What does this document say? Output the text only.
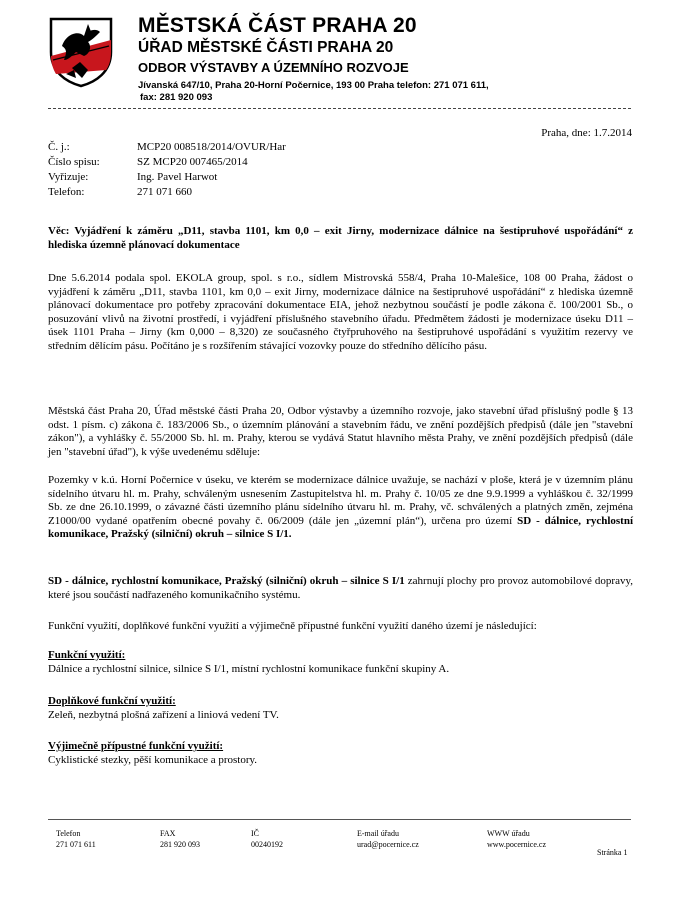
MĚSTSKÁ ČÁST PRAHA 20
ÚŘAD MĚSTSKÉ ČÁSTI PRAHA 20
ODBOR VÝSTAVBY A ÚZEMNÍHO ROZVOJE
Jívanská 647/10, Praha 20-Horní Počernice, 193 00 Praha telefon: 271 071 611,
fax: 281 920 093
Praha, dne: 1.7.2014
Č. j.:	MCP20 008518/2014/OVUR/Har
Číslo spisu:	SZ MCP20 007465/2014
Vyřizuje:	Ing. Pavel Harwot
Telefon:	271 071 660
Věc: Vyjádření k záměru „D11, stavba 1101, km 0,0 – exit Jirny, modernizace dálnice na šestipruhové uspořádání“ z hlediska územně plánovací dokumentace
Dne 5.6.2014 podala spol. EKOLA group, spol. s r.o., sídlem Mistrovská 558/4, Praha 10-Malešice, 108 00 Praha, žádost o vyjádření k záměru „D11, stavba 1101, km 0,0 – exit Jirny, modernizace dálnice na šestipruhové uspořádání“ z hlediska územně plánovací dokumentace pro potřeby zpracování dokumentace EIA, jehož nezbytnou součástí je podle zákona č. 100/2001 Sb., o posuzování vlivů na životní prostředí, i vyjádření příslušného stavebního úřadu. Předmětem žádosti je modernizace úseku D11 – úsek 1101 Praha – Jirny (km 0,000 – 8,320) ze současného čtyřpruhového na šestipruhové uspořádání s využitím rezervy ve středním dělícím pásu. Počítáno je s rozšířením stávající vozovky pouze do středního dělícího pásu.
Městská část Praha 20, Úřad městské části Praha 20, Odbor výstavby a územního rozvoje, jako stavební úřad příslušný podle § 13 odst. 1 písm. c) zákona č. 183/2006 Sb., o územním plánování a stavebním řádu, ve znění pozdějších předpisů (dále jen "stavební zákon"), a vyhlášky č. 55/2000 Sb. hl. m. Prahy, kterou se vydává Statut hlavního města Prahy, ve znění pozdějších předpisů (dále jen "stavební úřad"), k výše uvedenému sděluje:
Pozemky v k.ú. Horní Počernice v úseku, ve kterém se modernizace dálnice uvažuje, se nachází v ploše, která je v územním plánu sídelního útvaru hl. m. Prahy, schváleným usnesením Zastupitelstva hl. m. Prahy č. 10/05 ze dne 9.9.1999 a vyhláškou č. 32/1999 Sb. ze dne 26.10.1999, o závazné části územního plánu sídelního útvaru hl. m. Prahy, vč. schválených a platných změn, zejména Z1000/00 vydané opatřením obecné povahy č. 06/2009 (dále jen „územní plán“), určena pro území SD - dálnice, rychlostní komunikace, Pražský (silniční) okruh – silnice S I/1.
SD - dálnice, rychlostní komunikace, Pražský (silniční) okruh – silnice S I/1 zahrnují plochy pro provoz automobilové dopravy, které jsou součástí nadřazeného komunikačního systému.
Funkční využití, doplňkové funkční využití a výjimečně přípustné funkční využití daného území je následující:
Funkční využití:
Dálnice a rychlostní silnice, silnice S I/1, místní rychlostní komunikace funkční skupiny A.
Doplňkové funkční využití:
Zeleň, nezbytná plošná zařízení a liniová vedení TV.
Výjimečně přípustné funkční využití:
Cyklistické stezky, pěší komunikace a prostory.
Telefon
271 071 611
FAX
281 920 093
IČ
00240192
E-mail úřadu
urad@pocernice.cz
WWW úřadu
www.pocernice.cz
Stránka 1
